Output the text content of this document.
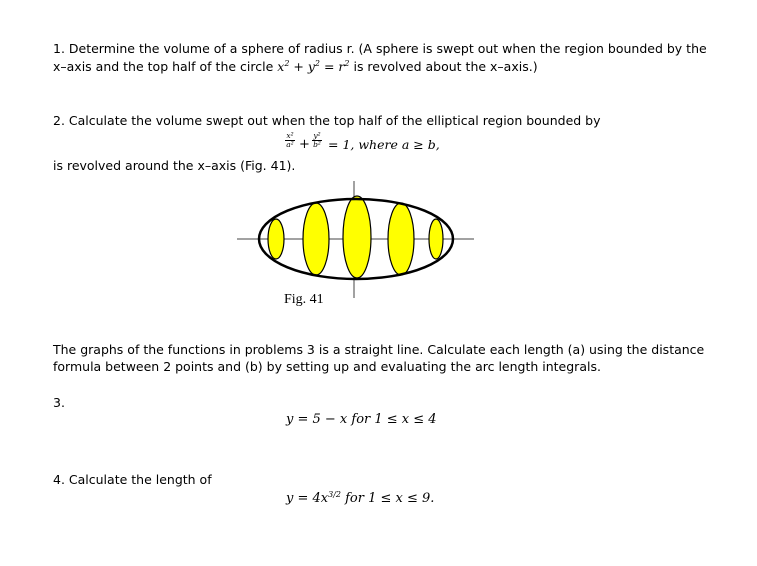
1. Determine the volume of a sphere of radius r. (A sphere is swept out when the region bounded by the
x–axis and the top half of the circle $x^2 + y^2 = r^2$ is revolved about the x–axis.)
2. Calculate the volume swept out when the top half of the elliptical region bounded by
x²
a² +
y²
b² = 1, where a ≥ b,
is revolved around the x–axis (Fig. 41).
Fig. 41
The graphs of the functions in problems 3 is a straight line. Calculate each length (a) using the distance
formula between 2 points and (b) by setting up and evaluating the arc length integrals.
3.
y = 5 − x for 1 ≤ x ≤ 4
4. Calculate the length of
$y = 4x^{3/2}$ for 1 ≤ x ≤ 9.
